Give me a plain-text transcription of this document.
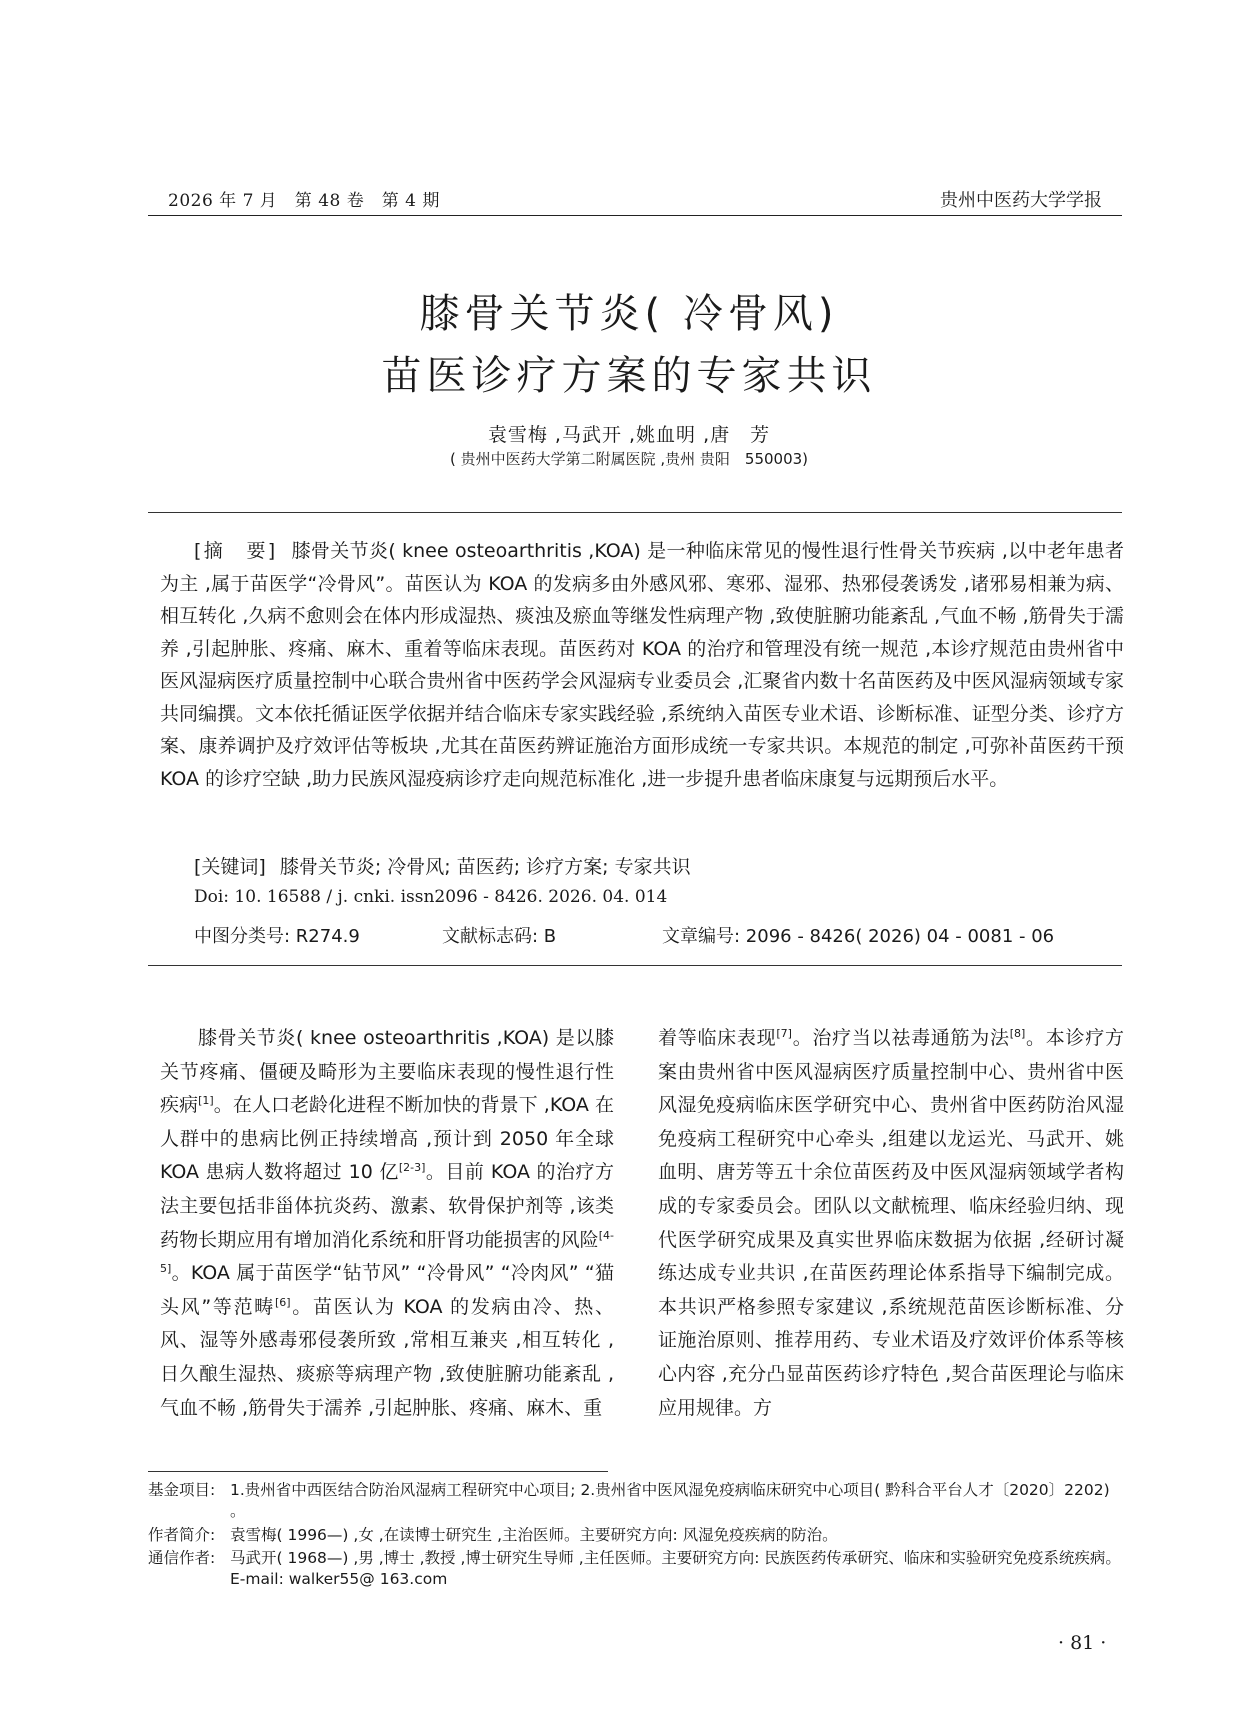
2026 年 7 月　第 48 卷　第 4 期	贵州中医药大学学报
膝骨关节炎( 冷骨风)
苗医诊疗方案的专家共识
袁雪梅 ,马武开 ,姚血明 ,唐　芳
( 贵州中医药大学第二附属医院 ,贵州 贵阳　550003)
[摘　要] 膝骨关节炎( knee osteoarthritis ,KOA) 是一种临床常见的慢性退行性骨关节疾病 ,以中老年患者为主 ,属于苗医学“冷骨风”。苗医认为 KOA 的发病多由外感风邪、寒邪、湿邪、热邪侵袭诱发 ,诸邪易相兼为病、相互转化 ,久病不愈则会在体内形成湿热、痰浊及瘀血等继发性病理产物 ,致使脏腑功能紊乱 ,气血不畅 ,筋骨失于濡养 ,引起肿胀、疼痛、麻木、重着等临床表现。苗医药对 KOA 的治疗和管理没有统一规范 ,本诊疗规范由贵州省中医风湿病医疗质量控制中心联合贵州省中医药学会风湿病专业委员会 ,汇聚省内数十名苗医药及中医风湿病领域专家共同编撰。文本依托循证医学依据并结合临床专家实践经验 ,系统纳入苗医专业术语、诊断标准、证型分类、诊疗方案、康养调护及疗效评估等板块 ,尤其在苗医药辨证施治方面形成统一专家共识。本规范的制定 ,可弥补苗医药干预 KOA 的诊疗空缺 ,助力民族风湿疫病诊疗走向规范标准化 ,进一步提升患者临床康复与远期预后水平。
[关键词] 膝骨关节炎; 冷骨风; 苗医药; 诊疗方案; 专家共识
Doi: 10. 16588 / j. cnki. issn2096 - 8426. 2026. 04. 014
中图分类号: R274.9	文献标志码: B	文章编号: 2096 - 8426( 2026) 04 - 0081 - 06

膝骨关节炎( knee osteoarthritis ,KOA) 是以膝关节疼痛、僵硬及畸形为主要临床表现的慢性退行性疾病[1]。在人口老龄化进程不断加快的背景下 ,KOA 在人群中的患病比例正持续增高 ,预计到 2050 年全球 KOA 患病人数将超过 10 亿[2-3]。目前 KOA 的治疗方法主要包括非甾体抗炎药、激素、软骨保护剂等 ,该类药物长期应用有增加消化系统和肝肾功能损害的风险[4-5]。KOA 属于苗医学“钻节风” “冷骨风” “冷肉风” “猫头风”等范畴[6]。苗医认为 KOA 的发病由冷、热、风、湿等外感毒邪侵袭所致 ,常相互兼夹 ,相互转化 ,日久酿生湿热、痰瘀等病理产物 ,致使脏腑功能紊乱 ,气血不畅 ,筋骨失于濡养 ,引起肿胀、疼痛、麻木、重

着等临床表现[7]。治疗当以祛毒通筋为法[8]。本诊疗方案由贵州省中医风湿病医疗质量控制中心、贵州省中医风湿免疫病临床医学研究中心、贵州省中医药防治风湿免疫病工程研究中心牵头 ,组建以龙运光、马武开、姚血明、唐芳等五十余位苗医药及中医风湿病领域学者构成的专家委员会。团队以文献梳理、临床经验归纳、现代医学研究成果及真实世界临床数据为依据 ,经研讨凝练达成专业共识 ,在苗医药理论体系指导下编制完成。本共识严格参照专家建议 ,系统规范苗医诊断标准、分证施治原则、推荐用药、专业术语及疗效评价体系等核心内容 ,充分凸显苗医药诊疗特色 ,契合苗医理论与临床应用规律。方

基金项目: 1.贵州省中西医结合防治风湿病工程研究中心项目; 2.贵州省中医风湿免疫病临床研究中心项目( 黔科合平台人才〔2020〕2202) 。
作者简介: 袁雪梅( 1996—) ,女 ,在读博士研究生 ,主治医师。主要研究方向: 风湿免疫疾病的防治。
通信作者: 马武开( 1968—) ,男 ,博士 ,教授 ,博士研究生导师 ,主任医师。主要研究方向: 民族医药传承研究、临床和实验研究免疫系统疾病。E-mail: walker55@ 163.com
· 81 ·
